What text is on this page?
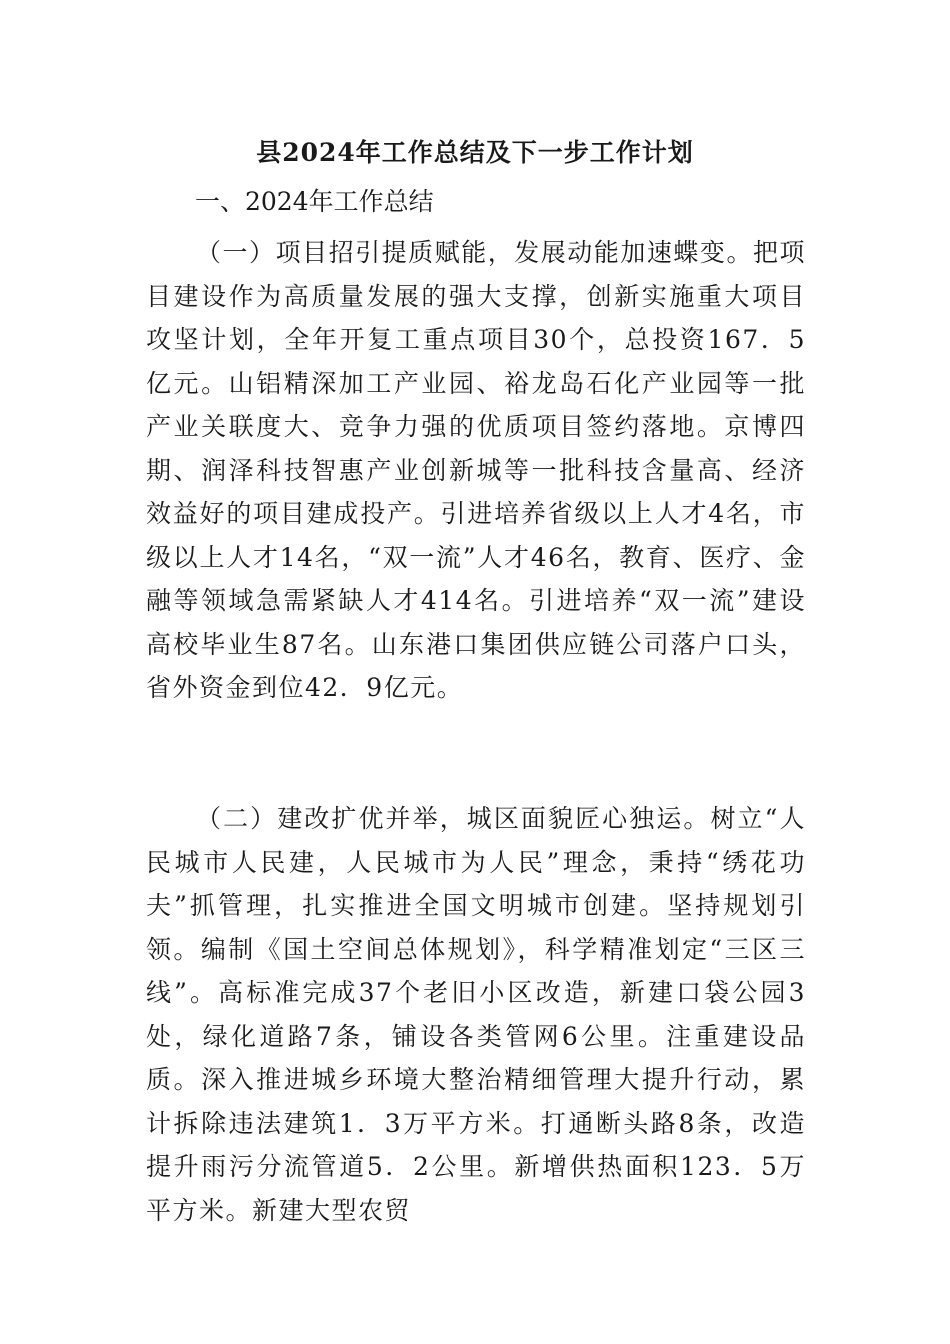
县2024年工作总结及下一步工作计划

一、2024年工作总结

（一）项目招引提质赋能，发展动能加速蝶变。把项目建设作为高质量发展的强大支撑，创新实施重大项目攻坚计划，全年开复工重点项目30个，总投资167．5亿元。山铝精深加工产业园、裕龙岛石化产业园等一批产业关联度大、竞争力强的优质项目签约落地。京博四期、润泽科技智惠产业创新城等一批科技含量高、经济效益好的项目建成投产。引进培养省级以上人才4名，市级以上人才14名，“双一流”人才46名，教育、医疗、金融等领域急需紧缺人才414名。引进培养“双一流”建设高校毕业生87名。山东港口集团供应链公司落户口头，省外资金到位42．9亿元。

（二）建改扩优并举，城区面貌匠心独运。树立“人民城市人民建，人民城市为人民”理念，秉持“绣花功夫”抓管理，扎实推进全国文明城市创建。坚持规划引领。编制《国土空间总体规划》，科学精准划定“三区三线”。高标准完成37个老旧小区改造，新建口袋公园3处，绿化道路7条，铺设各类管网6公里。注重建设品质。深入推进城乡环境大整治精细管理大提升行动，累计拆除违法建筑1．3万平方米。打通断头路8条，改造提升雨污分流管道5．2公里。新增供热面积123．5万平方米。新建大型农贸
